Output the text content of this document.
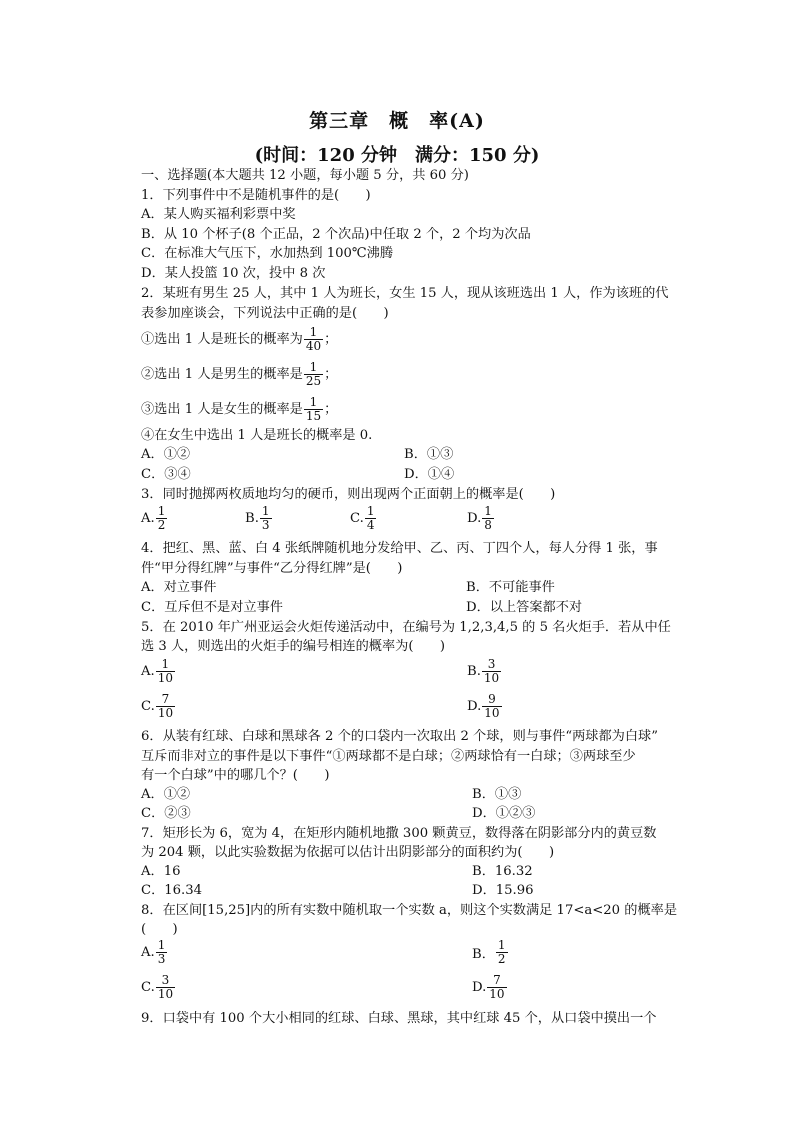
第三章　概　率(A)
(时间：120 分钟　满分：150 分)
一、选择题(本大题共 12 小题，每小题 5 分，共 60 分)
1．下列事件中不是随机事件的是(　　)
A．某人购买福利彩票中奖
B．从 10 个杯子(8 个正品，2 个次品)中任取 2 个，2 个均为次品
C．在标准大气压下，水加热到 100℃沸腾
D．某人投篮 10 次，投中 8 次
2．某班有男生 25 人，其中 1 人为班长，女生 15 人，现从该班选出 1 人，作为该班的代
表参加座谈会，下列说法中正确的是(　　)
①选出 1 人是班长的概率为 $\frac{1}{40}$ ；
②选出 1 人是男生的概率是 $\frac{1}{25}$ ；
③选出 1 人是女生的概率是 $\frac{1}{15}$ ；
④在女生中选出 1 人是班长的概率是 0.
A．①②	B．①③
C．③④	D．①④
3．同时抛掷两枚质地均匀的硬币，则出现两个正面朝上的概率是(　　)
A. $\frac{1}{2}$	B. $\frac{1}{3}$	C. $\frac{1}{4}$	D. $\frac{1}{8}$
4．把红、黑、蓝、白 4 张纸牌随机地分发给甲、乙、丙、丁四个人，每人分得 1 张，事
件“甲分得红牌”与事件“乙分得红牌”是(　　)
A．对立事件	B．不可能事件
C．互斥但不是对立事件	D．以上答案都不对
5．在 2010 年广州亚运会火炬传递活动中，在编号为 1,2,3,4,5 的 5 名火炬手．若从中任
选 3 人，则选出的火炬手的编号相连的概率为(　　)
A. $\frac{1}{10}$	B. $\frac{3}{10}$
C. $\frac{7}{10}$	D. $\frac{9}{10}$
6．从装有红球、白球和黑球各 2 个的口袋内一次取出 2 个球，则与事件“两球都为白球”
互斥而非对立的事件是以下事件“①两球都不是白球；②两球恰有一白球；③两球至少
有一个白球”中的哪几个？(　　)
A．①②	B．①③
C．②③	D．①②③
7．矩形长为 6，宽为 4，在矩形内随机地撒 300 颗黄豆，数得落在阴影部分内的黄豆数
为 204 颗，以此实验数据为依据可以估计出阴影部分的面积约为(　　)
A．16	B．16.32
C．16.34	D．15.96
8．在区间[15,25]内的所有实数中随机取一个实数 a，则这个实数满足 17<a<20 的概率是
(　　)
A. $\frac{1}{3}$	B． $\frac{1}{2}$
C. $\frac{3}{10}$	D. $\frac{7}{10}$
9．口袋中有 100 个大小相同的红球、白球、黑球，其中红球 45 个，从口袋中摸出一个
